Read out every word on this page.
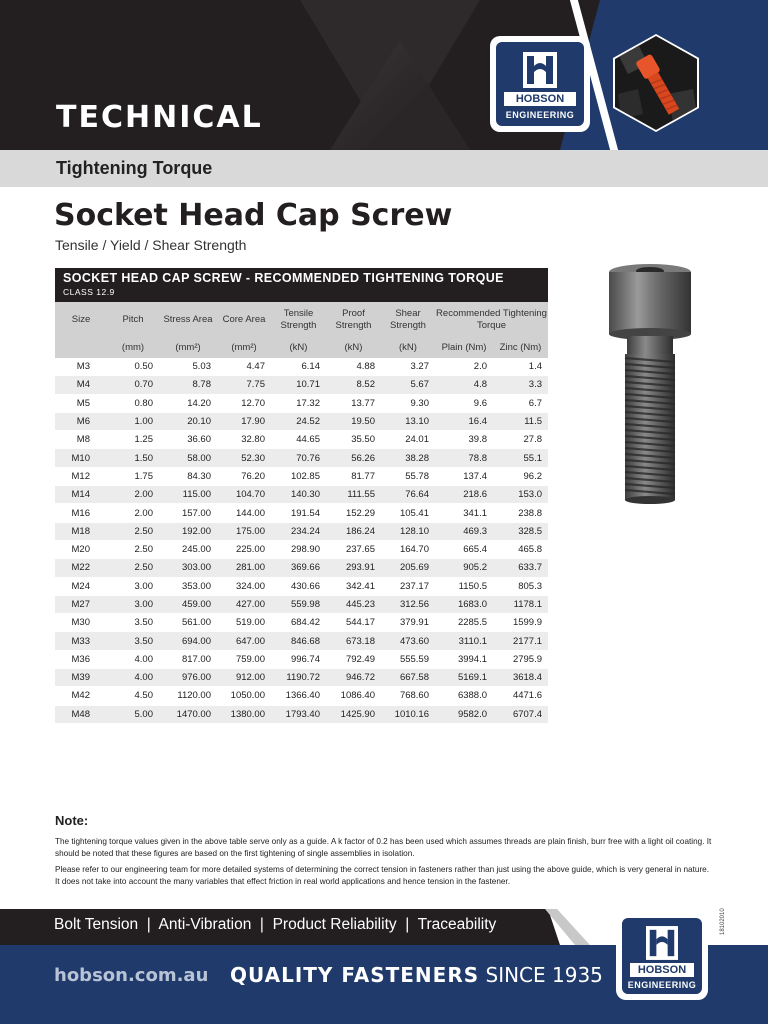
TECHNICAL
HOBSON
ENGINEERING
Tightening Torque
Socket Head Cap Screw
Tensile / Yield / Shear Strength
SOCKET HEAD CAP SCREW - RECOMMENDED TIGHTENING TORQUE
CLASS 12.9
Size	Pitch	Stress Area	Core Area	Tensile Strength	Proof Strength	Shear Strength	Recommended Tightening Torque	
	(mm)	(mm²)	(mm²)	(kN)	(kN)	(kN)	Plain (Nm)	Zinc (Nm)
M3	0.50	5.03	4.47	6.14	4.88	3.27	2.0	1.4
M4	0.70	8.78	7.75	10.71	8.52	5.67	4.8	3.3
M5	0.80	14.20	12.70	17.32	13.77	9.30	9.6	6.7
M6	1.00	20.10	17.90	24.52	19.50	13.10	16.4	11.5
M8	1.25	36.60	32.80	44.65	35.50	24.01	39.8	27.8
M10	1.50	58.00	52.30	70.76	56.26	38.28	78.8	55.1
M12	1.75	84.30	76.20	102.85	81.77	55.78	137.4	96.2
M14	2.00	115.00	104.70	140.30	111.55	76.64	218.6	153.0
M16	2.00	157.00	144.00	191.54	152.29	105.41	341.1	238.8
M18	2.50	192.00	175.00	234.24	186.24	128.10	469.3	328.5
M20	2.50	245.00	225.00	298.90	237.65	164.70	665.4	465.8
M22	2.50	303.00	281.00	369.66	293.91	205.69	905.2	633.7
M24	3.00	353.00	324.00	430.66	342.41	237.17	1150.5	805.3
M27	3.00	459.00	427.00	559.98	445.23	312.56	1683.0	1178.1
M30	3.50	561.00	519.00	684.42	544.17	379.91	2285.5	1599.9
M33	3.50	694.00	647.00	846.68	673.18	473.60	3110.1	2177.1
M36	4.00	817.00	759.00	996.74	792.49	555.59	3994.1	2795.9
M39	4.00	976.00	912.00	1190.72	946.72	667.58	5169.1	3618.4
M42	4.50	1120.00	1050.00	1366.40	1086.40	768.60	6388.0	4471.6
M48	5.00	1470.00	1380.00	1793.40	1425.90	1010.16	9582.0	6707.4
Note:
The tightening torque values given in the above table serve only as a guide. A k factor of 0.2 has been used which assumes threads are plain finish, burr free with a light oil coating. It should be noted that these figures are based on the first tightening of single assemblies in isolation.
Please refer to our engineering team for more detailed systems of determining the correct tension in fasteners rather than just using the above guide, which is very general in nature. It does not take into account the many variables that effect friction in real world applications and hence tension in the fastener.
Bolt Tension  |  Anti-Vibration  |  Product Reliability  |  Traceability
hobson.com.au QUALITY FASTENERS SINCE 1935	HOBSON
ENGINEERING
18102010
